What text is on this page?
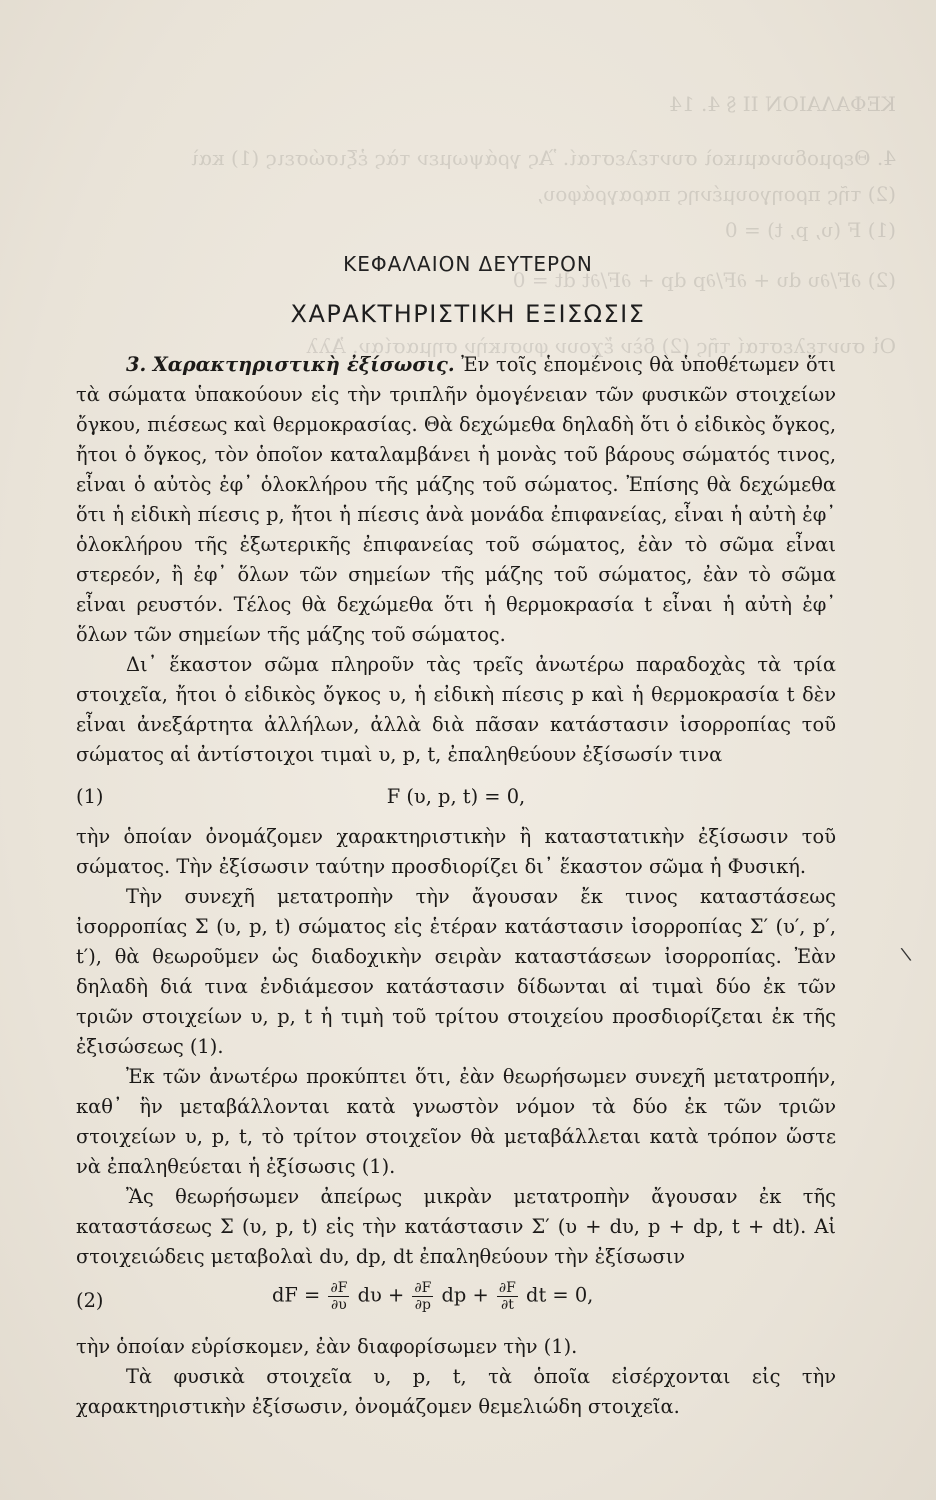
ΚΕΦΑΛΑΙΟΝ ΔΕΥΤΕΡΟΝ
ΧΑΡΑΚΤΗΡΙΣΤΙΚΗ ΕΞΙΣΩΣΙΣ

3. Χαρακτηριστικὴ ἐξίσωσις. Ἐν τοῖς ἑπομένοις θὰ ὑποθέτωμεν ὅτι τὰ σώματα ὑπακούουν εἰς τὴν τριπλῆν ὁμογένειαν τῶν φυσικῶν στοιχείων ὄγκου, πιέσεως καὶ θερμοκρασίας. Θὰ δεχώμεθα δηλαδὴ ὅτι ὁ εἰδικὸς ὄγκος, ἤτοι ὁ ὄγκος, τὸν ὁποῖον καταλαμβάνει ἡ μονὰς τοῦ βάρους σώματός τινος, εἶναι ὁ αὐτὸς ἐφ᾽ ὁλοκλήρου τῆς μάζης τοῦ σώματος. Ἐπίσης θὰ δεχώμεθα ὅτι ἡ εἰδικὴ πίεσις p, ἤτοι ἡ πίεσις ἀνὰ μονάδα ἐπιφανείας, εἶναι ἡ αὐτὴ ἐφ᾽ ὁλοκλήρου τῆς ἐξωτερικῆς ἐπιφανείας τοῦ σώματος, ἐὰν τὸ σῶμα εἶναι στερεόν, ἢ ἐφ᾽ ὅλων τῶν σημείων τῆς μάζης τοῦ σώματος, ἐὰν τὸ σῶμα εἶναι ρευστόν. Τέλος θὰ δεχώμεθα ὅτι ἡ θερμοκρασία t εἶναι ἡ αὐτὴ ἐφ᾽ ὅλων τῶν σημείων τῆς μάζης τοῦ σώματος.

Δι᾽ ἕκαστον σῶμα πληροῦν τὰς τρεῖς ἀνωτέρω παραδοχὰς τὰ τρία στοιχεῖα, ἤτοι ὁ εἰδικὸς ὄγκος υ, ἡ εἰδικὴ πίεσις p καὶ ἡ θερμοκρασία t δὲν εἶναι ἀνεξάρτητα ἀλλήλων, ἀλλὰ διὰ πᾶσαν κατάστασιν ἰσορροπίας τοῦ σώματος αἱ ἀντίστοιχοι τιμαὶ υ, p, t, ἐπαληθεύουν ἐξίσωσίν τινα

(1)	F (υ, p, t) = 0,

τὴν ὁποίαν ὀνομάζομεν χαρακτηριστικὴν ἢ καταστατικὴν ἐξίσωσιν τοῦ σώματος. Τὴν ἐξίσωσιν ταύτην προσδιορίζει δι᾽ ἕκαστον σῶμα ἡ Φυσική.

Τὴν συνεχῆ μετατροπὴν τὴν ἄγουσαν ἔκ τινος καταστάσεως ἰσορροπίας Σ (υ, p, t) σώματος εἰς ἑτέραν κατάστασιν ἰσορροπίας Σ′ (υ′, p′, t′), θὰ θεωροῦμεν ὡς διαδοχικὴν σειρὰν καταστάσεων ἰσορροπίας. Ἐὰν δηλαδὴ διά τινα ἐνδιάμεσον κατάστασιν δίδωνται αἱ τιμαὶ δύο ἐκ τῶν τριῶν στοιχείων υ, p, t ἡ τιμὴ τοῦ τρίτου στοιχείου προσδιορίζεται ἐκ τῆς ἐξισώσεως (1).

Ἐκ τῶν ἀνωτέρω προκύπτει ὅτι, ἐὰν θεωρήσωμεν συνεχῆ μετατροπήν, καθ᾽ ἣν μεταβάλλονται κατὰ γνωστὸν νόμον τὰ δύο ἐκ τῶν τριῶν στοιχείων υ, p, t, τὸ τρίτον στοιχεῖον θὰ μεταβάλλεται κατὰ τρόπον ὥστε νὰ ἐπαληθεύεται ἡ ἐξίσωσις (1).

Ἂς θεωρήσωμεν ἀπείρως μικρὰν μετατροπὴν ἄγουσαν ἐκ τῆς καταστάσεως Σ (υ, p, t) εἰς τὴν κατάστασιν Σ′ (υ + dυ, p + dp, t + dt). Αἱ στοιχειώδεις μεταβολαὶ dυ, dp, dt ἐπαληθεύουν τὴν ἐξίσωσιν

(2)	dF = $\frac{\partial F}{\partial\upsilon}$ $d\upsilon + \frac{\partial F}{\partial p}$ dp + $\frac{\partial F}{\partial t}$ dt = 0,

τὴν ὁποίαν εὑρίσκομεν, ἐὰν διαφορίσωμεν τὴν (1).

Τὰ φυσικὰ στοιχεῖα υ, p, t, τὰ ὁποῖα εἰσέρχονται εἰς τὴν χαρακτηριστικὴν ἐξίσωσιν, ὀνομάζομεν θεμελιώδη στοιχεῖα.

\
